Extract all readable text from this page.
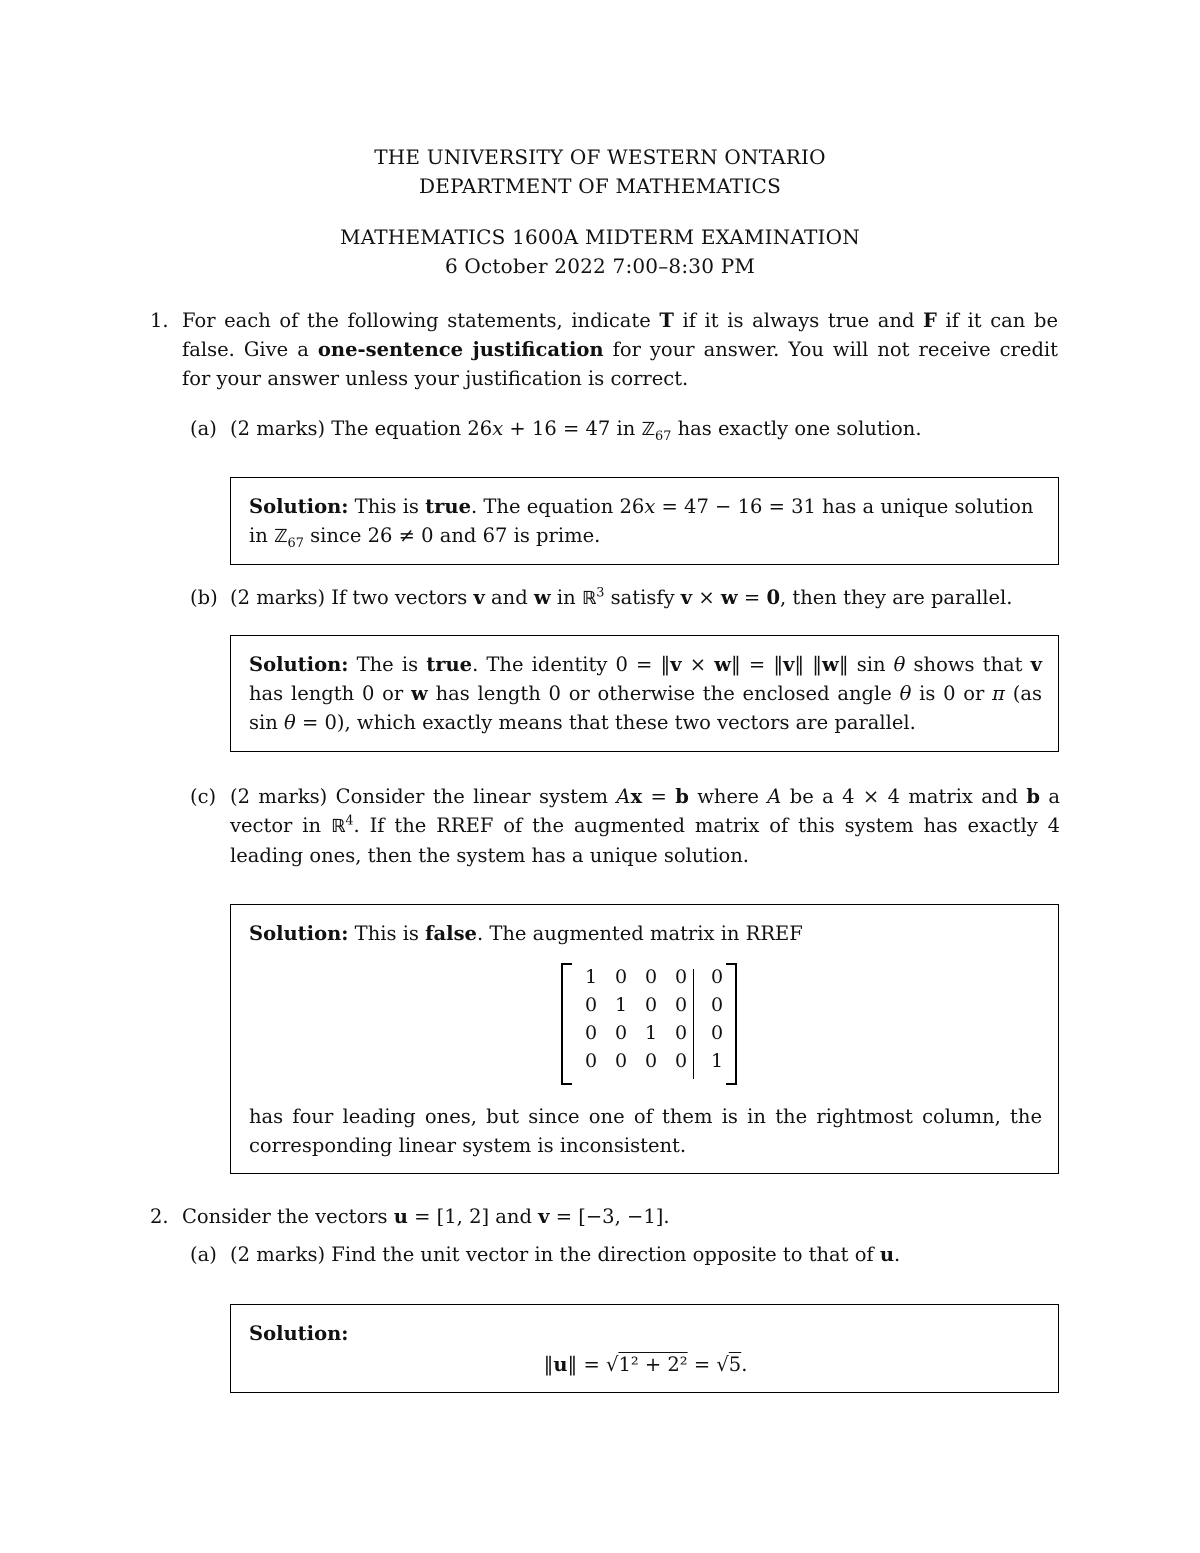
THE UNIVERSITY OF WESTERN ONTARIO
DEPARTMENT OF MATHEMATICS
MATHEMATICS 1600A MIDTERM EXAMINATION
6 October 2022 7:00–8:30 PM
1. For each of the following statements, indicate T if it is always true and F if it can be false. Give a one-sentence justification for your answer. You will not receive credit for your answer unless your justification is correct.
(a) (2 marks) The equation 26x + 16 = 47 in ℤ$_{67}$ has exactly one solution.
Solution: This is true. The equation 26x = 47 − 16 = 31 has a unique solution in ℤ$_{67}$ since 26 ≠ 0 and 67 is prime.
(b) (2 marks) If two vectors v and w in ℝ$^3$ satisfy v × w = 0, then they are parallel.
Solution: The is true. The identity 0 = ‖v × w‖ = ‖v‖ ‖w‖ sin θ shows that v has length 0 or w has length 0 or otherwise the enclosed angle θ is 0 or π (as sin θ = 0), which exactly means that these two vectors are parallel.
(c) (2 marks) Consider the linear system Ax = b where A be a 4 × 4 matrix and b a vector in ℝ$^4$. If the RREF of the augmented matrix of this system has exactly 4 leading ones, then the system has a unique solution.
Solution: This is false. The augmented matrix in RREF
1 0 0 0	0
0 1 0 0	0
0 0 1 0	0
0 0 0 0	1
has four leading ones, but since one of them is in the rightmost column, the corresponding linear system is inconsistent.
2. Consider the vectors u = [1, 2] and v = [−3, −1].
(a) (2 marks) Find the unit vector in the direction opposite to that of u.
Solution:
‖u‖ = √1² + 2² = √5.
